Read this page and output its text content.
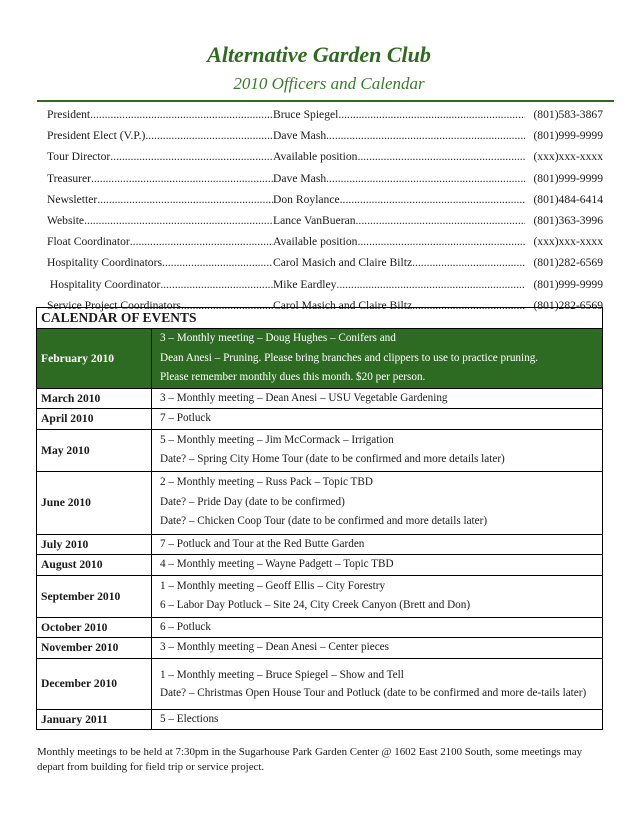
Alternative Garden Club
2010 Officers and Calendar
President .....	Bruce Spiegel .....	(801)583-3867
President Elect (V.P.) .....	Dave Mash .....	(801)999-9999
Tour Director .....	Available position .....	(xxx)xxx-xxxx
Treasurer .....	Dave Mash .....	(801)999-9999
Newsletter .....	Don Roylance .....	(801)484-6414
Website .....	Lance VanBueran .....	(801)363-3996
Float Coordinator .....	Available position .....	(xxx)xxx-xxxx
Hospitality Coordinators .....	Carol Masich and Claire Biltz .....	(801)282-6569
Hospitality Coordinator .....	Mike Eardley .....	(801)999-9999
Service Project Coordinators .....	Carol Masich and Claire Biltz .....	(801)282-6569
CALENDAR OF EVENTS	
February 2010	3 – Monthly meeting – Doug Hughes – Conifers and
Dean Anesi – Pruning. Please bring branches and clippers to use to practice pruning.
Please remember monthly dues this month. $20 per person.

March 2010	3 – Monthly meeting – Dean Anesi – USU Vegetable Gardening

April 2010	7 – Potluck

May 2010	5 – Monthly meeting – Jim McCormack – Irrigation
Date? – Spring City Home Tour (date to be confirmed and more details later)

June 2010	2 – Monthly meeting – Russ Pack – Topic TBD
Date? – Pride Day (date to be confirmed)
Date? – Chicken Coop Tour (date to be confirmed and more details later)

July 2010	7 – Potluck and Tour at the Red Butte Garden

August 2010	4 – Monthly meeting – Wayne Padgett – Topic TBD

September 2010	1 – Monthly meeting – Geoff Ellis – City Forestry
6 – Labor Day Potluck – Site 24, City Creek Canyon (Brett and Don)

October 2010	6 – Potluck

November 2010	3 – Monthly meeting – Dean Anesi – Center pieces

December 2010	1 – Monthly meeting – Bruce Spiegel – Show and Tell
Date? – Christmas Open House Tour and Potluck (date to be confirmed and more de-tails later)

January 2011	5 – Elections
Monthly meetings to be held at 7:30pm in the Sugarhouse Park Garden Center @ 1602 East 2100 South, some meetings may depart from building for field trip or service project.
